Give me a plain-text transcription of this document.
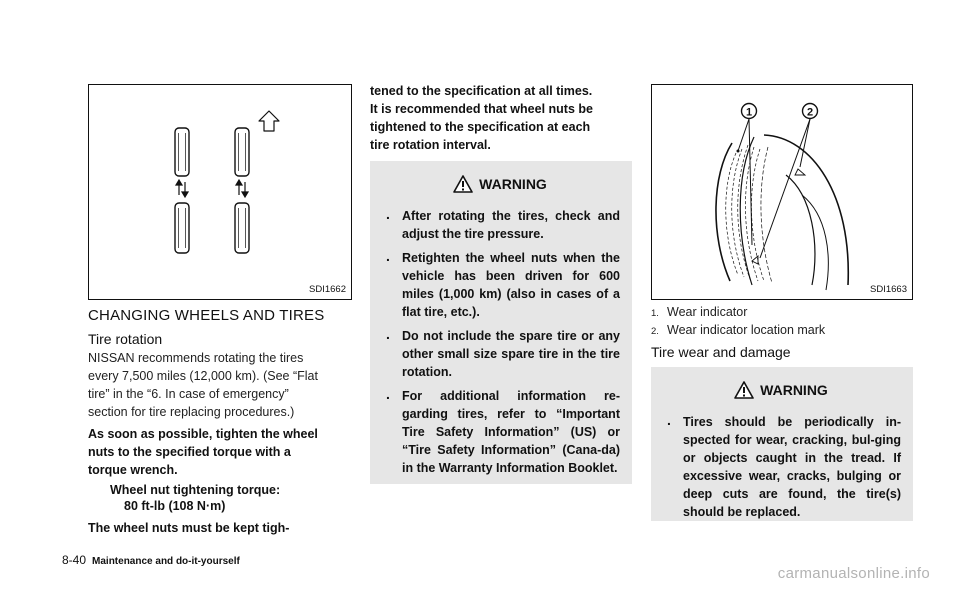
SDI1662
CHANGING WHEELS AND TIRES
Tire rotation
NISSAN recommends rotating the tires
every 7,500 miles (12,000 km). (See “Flat
tire” in the “6. In case of emergency”
section for tire replacing procedures.)
As soon as possible, tighten the wheel
nuts to the specified torque with a
torque wrench.
Wheel nut tightening torque:
80 ft-lb (108 N·m)
The wheel nuts must be kept tigh-
tened to the specification at all times.
It is recommended that wheel nuts be
tightened to the specification at each
tire rotation interval.
WARNING
. After rotating the tires, check and adjust the tire pressure.
. Retighten the wheel nuts when the vehicle has been driven for 600 miles (1,000 km) (also in cases of a flat tire, etc.).
. Do not include the spare tire or any other small size spare tire in the tire rotation.
. For additional information re-garding tires, refer to “Important Tire Safety Information” (US) or “Tire Safety Information” (Cana-da) in the Warranty Information Booklet.
1	2
SDI1663
1. Wear indicator
2. Wear indicator location mark
Tire wear and damage
WARNING
. Tires should be periodically in-spected for wear, cracking, bul-ging or objects caught in the tread. If excessive wear, cracks, bulging or deep cuts are found, the tire(s) should be replaced.
8-40 Maintenance and do-it-yourself
carmanualsonline.info
